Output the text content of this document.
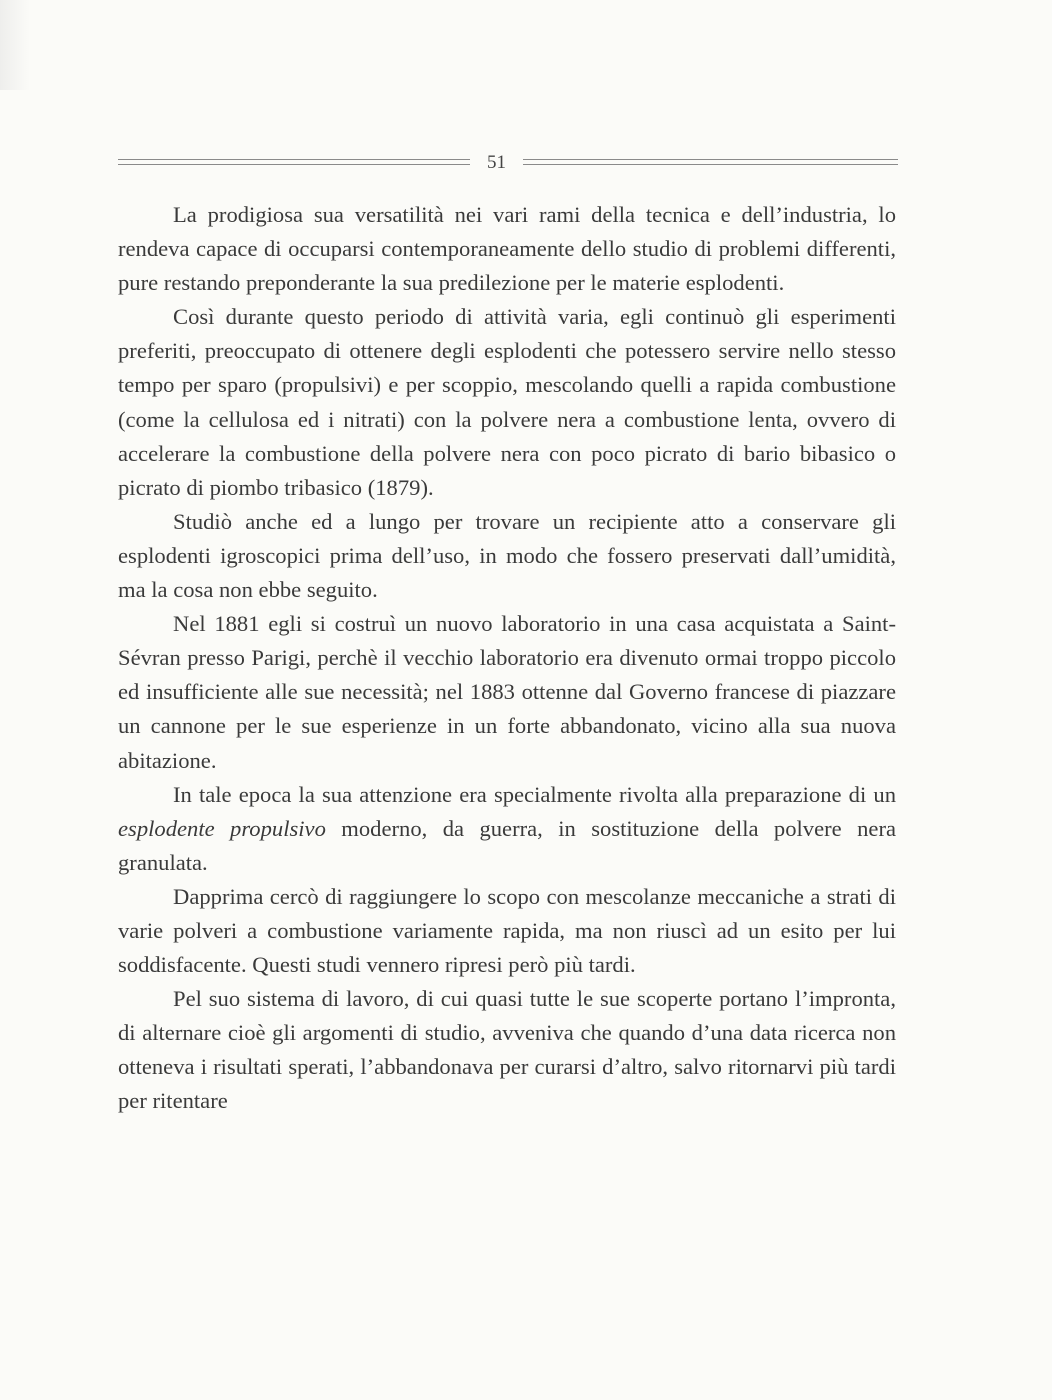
51

La prodigiosa sua versatilità nei vari rami della tecnica e dell’industria, lo rendeva capace di occuparsi contemporaneamente dello studio di problemi differenti, pure restando preponderante la sua predilezione per le materie esplodenti.

Così durante questo periodo di attività varia, egli continuò gli esperimenti preferiti, preoccupato di ottenere degli esplodenti che potessero servire nello stesso tempo per sparo (propulsivi) e per scoppio, mescolando quelli a rapida combustione (come la cellulosa ed i nitrati) con la polvere nera a combustione lenta, ovvero di accelerare la combustione della polvere nera con poco picrato di bario bibasico o picrato di piombo tribasico (1879).

Studiò anche ed a lungo per trovare un recipiente atto a conservare gli esplodenti igroscopici prima dell’uso, in modo che fossero preservati dall’umidità, ma la cosa non ebbe seguito.

Nel 1881 egli si costruì un nuovo laboratorio in una casa acquistata a Saint-Sévran presso Parigi, perchè il vecchio laboratorio era divenuto ormai troppo piccolo ed insufficiente alle sue necessità; nel 1883 ottenne dal Governo francese di piazzare un cannone per le sue esperienze in un forte abbandonato, vicino alla sua nuova abitazione.

In tale epoca la sua attenzione era specialmente rivolta alla preparazione di un esplodente propulsivo moderno, da guerra, in sostituzione della polvere nera granulata.

Dapprima cercò di raggiungere lo scopo con mescolanze meccaniche a strati di varie polveri a combustione variamente rapida, ma non riuscì ad un esito per lui soddisfacente. Questi studi vennero ripresi però più tardi.

Pel suo sistema di lavoro, di cui quasi tutte le sue scoperte portano l’impronta, di alternare cioè gli argomenti di studio, avveniva che quando d’una data ricerca non otteneva i risultati sperati, l’abbandonava per curarsi d’altro, salvo ritornarvi più tardi per ritentare
